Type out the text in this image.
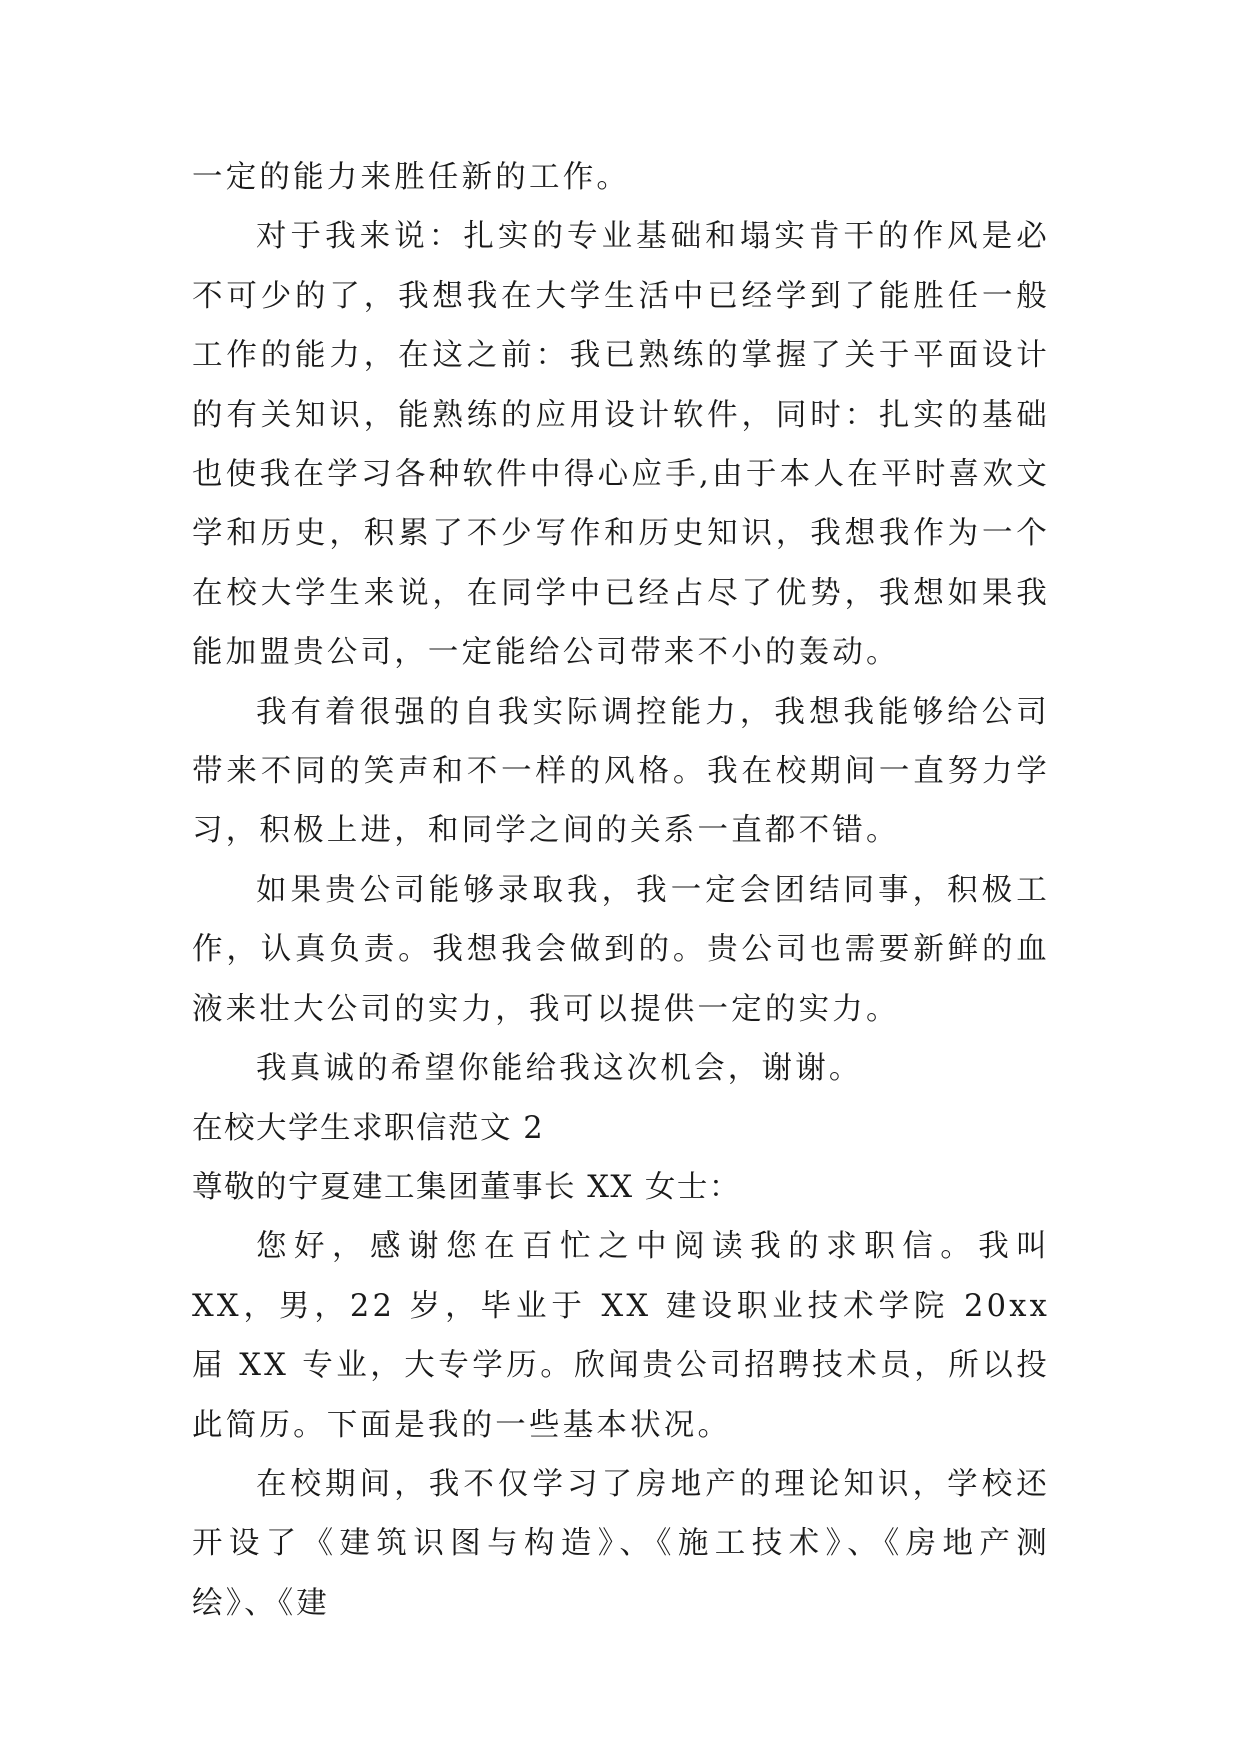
一定的能力来胜任新的工作。

对于我来说：扎实的专业基础和塌实肯干的作风是必不可少的了，我想我在大学生活中已经学到了能胜任一般工作的能力，在这之前：我已熟练的掌握了关于平面设计的有关知识，能熟练的应用设计软件，同时：扎实的基础也使我在学习各种软件中得心应手,由于本人在平时喜欢文学和历史，积累了不少写作和历史知识，我想我作为一个在校大学生来说，在同学中已经占尽了优势，我想如果我能加盟贵公司，一定能给公司带来不小的轰动。

我有着很强的自我实际调控能力，我想我能够给公司带来不同的笑声和不一样的风格。我在校期间一直努力学习，积极上进，和同学之间的关系一直都不错。

如果贵公司能够录取我，我一定会团结同事，积极工作，认真负责。我想我会做到的。贵公司也需要新鲜的血液来壮大公司的实力，我可以提供一定的实力。

我真诚的希望你能给我这次机会，谢谢。

在校大学生求职信范文 2

尊敬的宁夏建工集团董事长 XX 女士：

您好，感谢您在百忙之中阅读我的求职信。我叫 XX，男，22 岁，毕业于 XX 建设职业技术学院 20xx 届 XX 专业，大专学历。欣闻贵公司招聘技术员，所以投此简历。下面是我的一些基本状况。

在校期间，我不仅学习了房地产的理论知识，学校还开设了《建筑识图与构造》、《施工技术》、《房地产测绘》、《建
